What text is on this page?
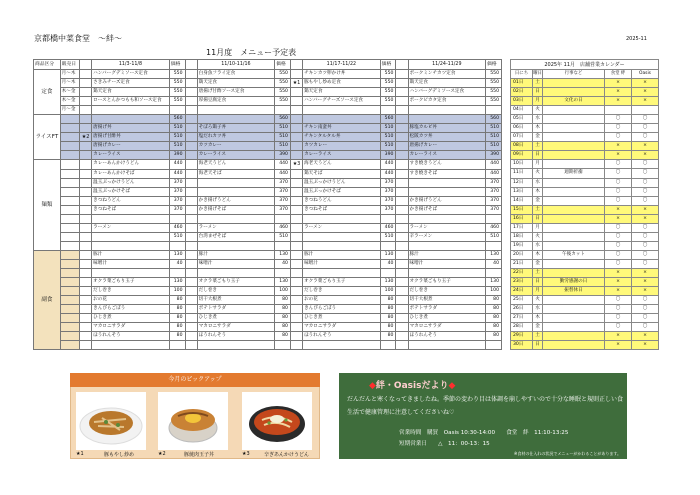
京都橋中菜食堂　～絆～
11月度　メニュー予定表
2025-11
商品区分	販売日		11/3-11/8	価格		11/10-11/16	価格		11/17-11/22	価格		11/24-11/29	価格
定食	月～木		ハンバーグデミソース定食	550		白身魚フライ定食	550		チキンカツ卵かけ丼	550		ポークミンチカツ定食	550
	月～木		さきみチーズ定食	550		鶏天定食	550	★1	豚もやし炒め定食	550		鶏天定食	550
	木～金		鶏天定食	550		唐揚げ甘酢ソース定食	550		鶏天定食	550		ハンバーグデミソース定食	550
	木～金		ロースとんかつもも和ソース定食	550		厚揚豆腐定食	550		ハンバーグチーズソース定食	550		ポークピカタ定食	550
	月～金												
ライスFT				560			560			560			560
			唐揚げ丼	510		そぼろ鶏子丼	510		チキン南蛮丼	510		豚塩カルビ丼	510
		★2	唐揚げ甘酢丼	510		塩だれカツ丼	510		チキンタルタル丼	510		松阪カツ丼	510
			唐揚げカレー	510		カツカレー	510		カツカレー	510		唐揚げカレー	510
			カレーライス	390		カレーライス	390		カレーライス	390		カレーライス	390
麺類			カレーあんかけうどん	440		海老天うどん	440	★3	海老天うどん	440		すき焼きうどん	440
			カレーあんかけそば	440		海老天そば	440		鶏天そば	440		すき焼きそば	440
			温玉ぶっかけうどん	370			370		温玉ぶっかけうどん	370			370
			温玉ぶっかけそば	370			370		温玉ぶっかけそば	370			370
			きつねうどん	370		かき揚げうどん	370		きつねうどん	370		かき揚げうどん	370
			きつねそば	370		かき揚げそば	370		きつねそば	370		かき揚げそば	370

			ラーメン	460		ラーメン	460		ラーメン	460		ラーメン	460
				510		台湾まぜそば	510			510		辛ラーメン	510

副食			豚汁	130		豚汁	130		豚汁	130		豚汁	130
			味噌汁	40		味噌汁	40		味噌汁	40		味噌汁	40

			オクラ菜ごもり玉子	130		オクラ菜ごもり玉子	130		オクラ菜ごもり玉子	130		オクラ菜ごもり玉子	130
			だし巻き	100		だし巻き	100		だし巻き	100		だし巻き	100
			おの花	80		切干大根煮	80		おの花	80		切干大根煮	80
			きんぴらごぼう	80		ポテトサラダ	80		きんぴらごぼう	80		ポテトサラダ	80
			ひじき煮	80		ひじき煮	80		ひじき煮	80		ひじき煮	80
			マカロニサラダ	80		マカロニサラダ	80		マカロニサラダ	80		マカロニサラダ	80
			ほうれんそう	80		ほうれんそう	80		ほうれんそう	80		ほうれんそう	80

2025年 11月　店舗営業カレンダー				
日にち	曜日	行事など	食堂 絆	Oasis
01日	土		×	×
02日	日		×	×
03日	月	文化の日	×	×
04日	火			
05日	水		〇	〇
06日	木		〇	〇
07日	金		〇	〇
08日	土		×	×
09日	日		×	×
10日	月		〇	〇
11日	火	週期折衝	〇	〇
12日	水		〇	〇
13日	木		〇	〇
14日	金		〇	〇
15日	土		×	×
16日	日		×	×
17日	月		〇	〇
18日	火		〇	〇
19日	水		〇	〇
20日	木	午後カット	〇	〇
21日	金		〇	〇
22日	土		×	×
23日	日	勤労感謝の日	×	×
24日	月	振替休日	×	×
25日	火		〇	〇
26日	水		〇	〇
27日	木		〇	〇
28日	金		〇	〇
29日	土		×	×
30日	日		×	×
今月のピックアップ
★1	豚もやし炒め	★2	豚焼肉玉子丼	★3	辛ぎあんかけうどん
◆絆・Oasisだより◆
だんだんと寒くなってきましたね。季節の変わり目は体調を崩しやすいので十分な睡眠と規則正しい食生活で健康管理に注意してくださいね♡
営業時間　購買　Oasis 10:30-14:00　　食堂　絆　11:10-13:25
短期営業日　　△　11：00-13：15
※食材の仕入れの状況でメニューがかわることがあります。
